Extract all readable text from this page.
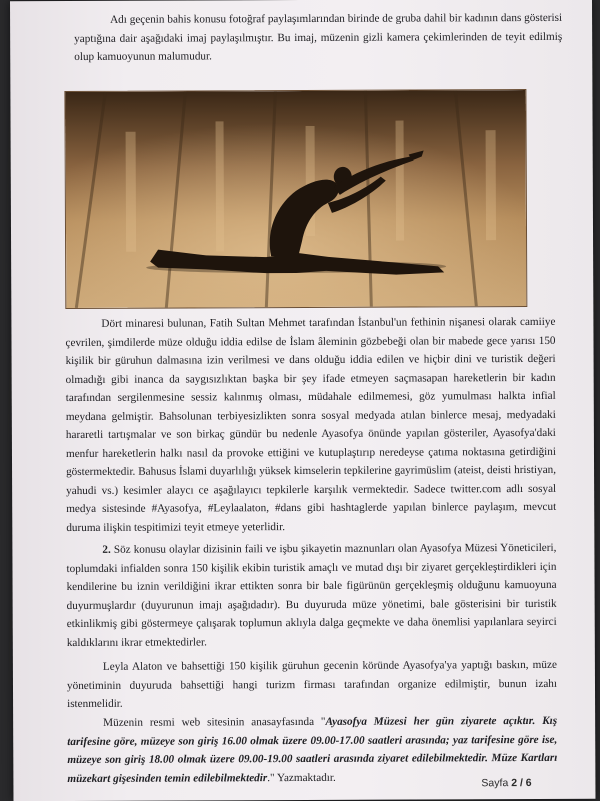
Adı geçenin bahis konusu fotoğraf paylaşımlarından birinde de gruba dahil bir kadının dans gösterisi yaptığına dair aşağıdaki imaj paylaşılmıştır. Bu imaj, müzenin gizli kamera çekimlerinden de teyit edilmiş olup kamuoyunun malumudur.
Dört minaresi bulunan, Fatih Sultan Mehmet tarafından İstanbul'un fethinin nişanesi olarak camiiye çevrilen, şimdilerde müze olduğu iddia edilse de İslam âleminin gözbebeği olan bir mabede gece yarısı 150 kişilik bir güruhun dalmasına izin verilmesi ve dans olduğu iddia edilen ve hiçbir dini ve turistik değeri olmadığı gibi inanca da saygısızlıktan başka bir şey ifade etmeyen saçmasapan hareketlerin bir kadın tarafından sergilenmesine sessiz kalınmış olması, müdahale edilmemesi, göz yumulması halkta infial meydana gelmiştir. Bahsolunan terbiyesizlikten sonra sosyal medyada atılan binlerce mesaj, medyadaki hararetli tartışmalar ve son birkaç gündür bu nedenle Ayasofya önünde yapılan gösteriler, Ayasofya'daki menfur hareketlerin halkı nasıl da provoke ettiğini ve kutuplaştırıp neredeyse çatıma noktasına getirdiğini göstermektedir. Bahusus İslami duyarlılığı yüksek kimselerin tepkilerine gayrimüslim (ateist, deisti hristiyan, yahudi vs.) kesimler alaycı ce aşağılayıcı tepkilerle karşılık vermektedir. Sadece twitter.com adlı sosyal medya sistesinde #Ayasofya, #Leylaalaton, #dans gibi hashtaglerde yapılan binlerce paylaşım, mevcut duruma ilişkin tespitimizi teyit etmeye yeterlidir.
2. Söz konusu olaylar dizisinin faili ve işbu şikayetin maznunları olan Ayasofya Müzesi Yöneticileri, toplumdaki infialden sonra 150 kişilik ekibin turistik amaçlı ve mutad dışı bir ziyaret gerçekleştirdikleri için kendilerine bu iznin verildiğini ikrar ettikten sonra bir bale figürünün gerçekleşmiş olduğunu kamuoyuna duyurmuşlardır (duyurunun imajı aşağıdadır). Bu duyuruda müze yönetimi, bale gösterisini bir turistik etkinlikmiş gibi göstermeye çalışarak toplumun aklıyla dalga geçmekte ve daha önemlisi yapılanlara seyirci kaldıklarını ikrar etmektedirler.
Leyla Alaton ve bahsettiği 150 kişilik güruhun gecenin köründe Ayasofya'ya yaptığı baskın, müze yönetiminin duyuruda bahsettiği hangi turizm firması tarafından organize edilmiştir, bunun izahı istenmelidir.
Müzenin resmi web sitesinin anasayfasında "Ayasofya Müzesi her gün ziyarete açıktır. Kış tarifesine göre, müzeye son giriş 16.00 olmak üzere 09.00-17.00 saatleri arasında; yaz tarifesine göre ise, müzeye son giriş 18.00 olmak üzere 09.00-19.00 saatleri arasında ziyaret edilebilmektedir. Müze Kartları müzekart gişesinden temin edilebilmektedir." Yazmaktadır.	Sayfa 2 / 6
